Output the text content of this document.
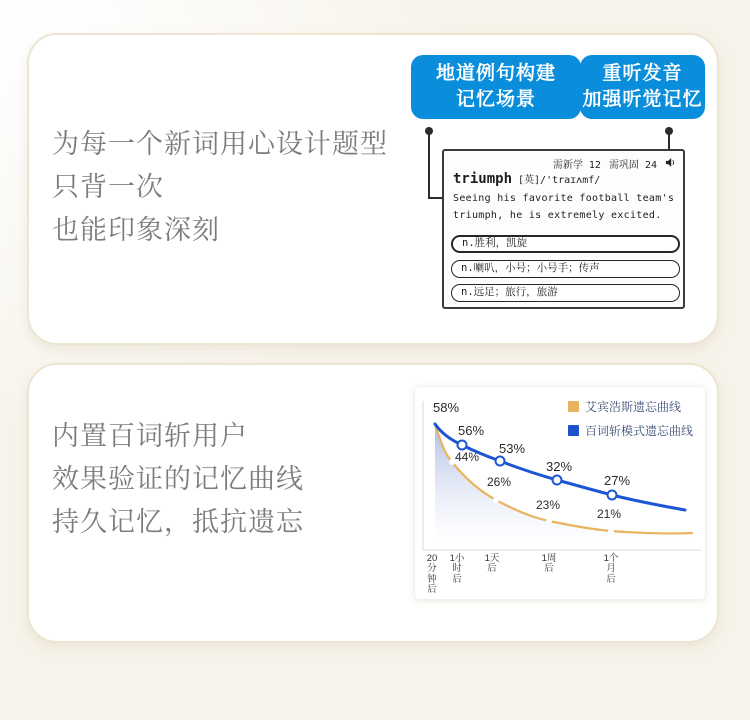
为每一个新词用心设计题型
只背一次
也能印象深刻
地道例句构建
记忆场景
重听发音
加强听觉记忆
需新学 12 需巩固 24
triumph [英]/'traɪʌmf/
Seeing his favorite football team's
triumph, he is extremely excited.
n.胜利，凯旋
n.喇叭，小号；小号手；传声
n.远足；旅行，旅游
内置百词斩用户
效果验证的记忆曲线
持久记忆，抵抗遗忘
艾宾浩斯遗忘曲线
百词斩模式遗忘曲线
58%
56%
53%
32%
27%
44%
26%
23%
21%
20分钟后
1小时后
1天后
1周后
1个月后
